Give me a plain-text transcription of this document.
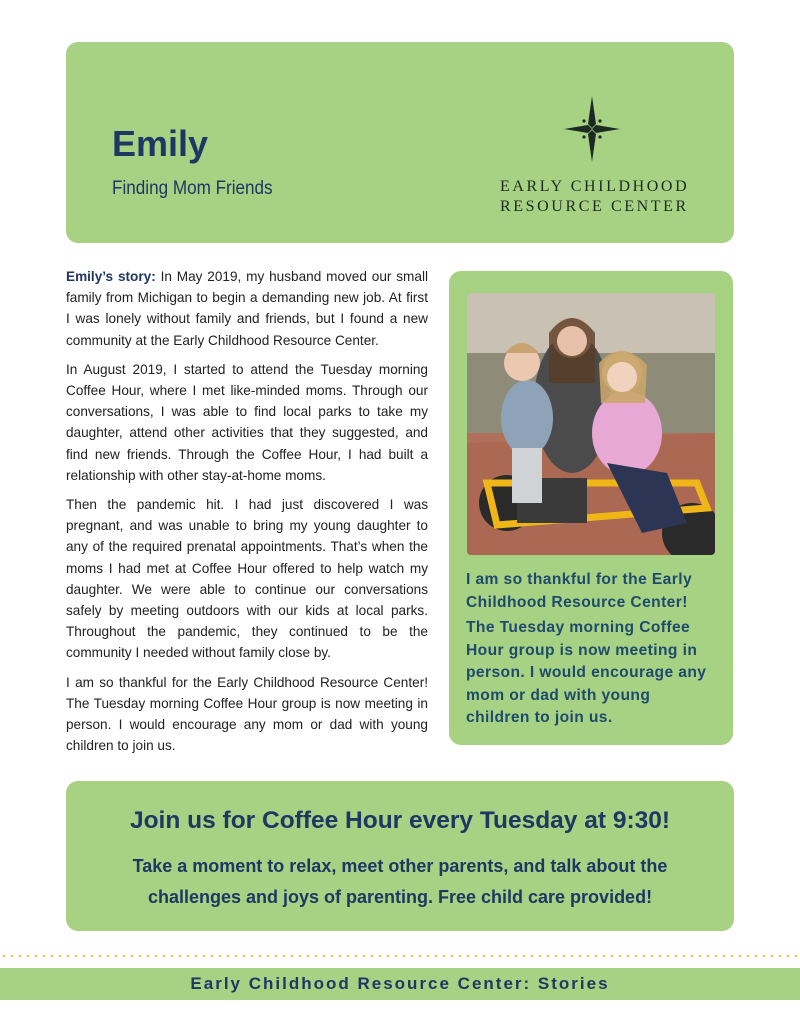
Emily
Finding Mom Friends	EARLY CHILDHOOD
RESOURCE CENTER

Emily’s story: In May 2019, my husband moved our small family from Michigan to begin a demanding new job. At first I was lonely without family and friends, but I found a new community at the Early Childhood Resource Center.

In August 2019, I started to attend the Tuesday morning Coffee Hour, where I met like-minded moms. Through our conversations, I was able to find local parks to take my daughter, attend other activities that they suggested, and find new friends. Through the Coffee Hour, I had built a relationship with other stay-at-home moms.

Then the pandemic hit. I had just discovered I was pregnant, and was unable to bring my young daughter to any of the required prenatal appointments. That’s when the moms I had met at Coffee Hour offered to help watch my daughter. We were able to continue our conversations safely by meeting outdoors with our kids at local parks. Throughout the pandemic, they continued to be the community I needed without family close by.

I am so thankful for the Early Childhood Resource Center! The Tuesday morning Coffee Hour group is now meeting in person. I would encourage any mom or dad with young children to join us.

I am so thankful for the Early Childhood Resource Center!

The Tuesday morning Coffee Hour group is now meeting in person. I would encourage any mom or dad with young children to join us.

Join us for Coffee Hour every Tuesday at 9:30!
Take a moment to relax, meet other parents, and talk about the challenges and joys of parenting. Free child care provided!
Early Childhood Resource Center: Stories
